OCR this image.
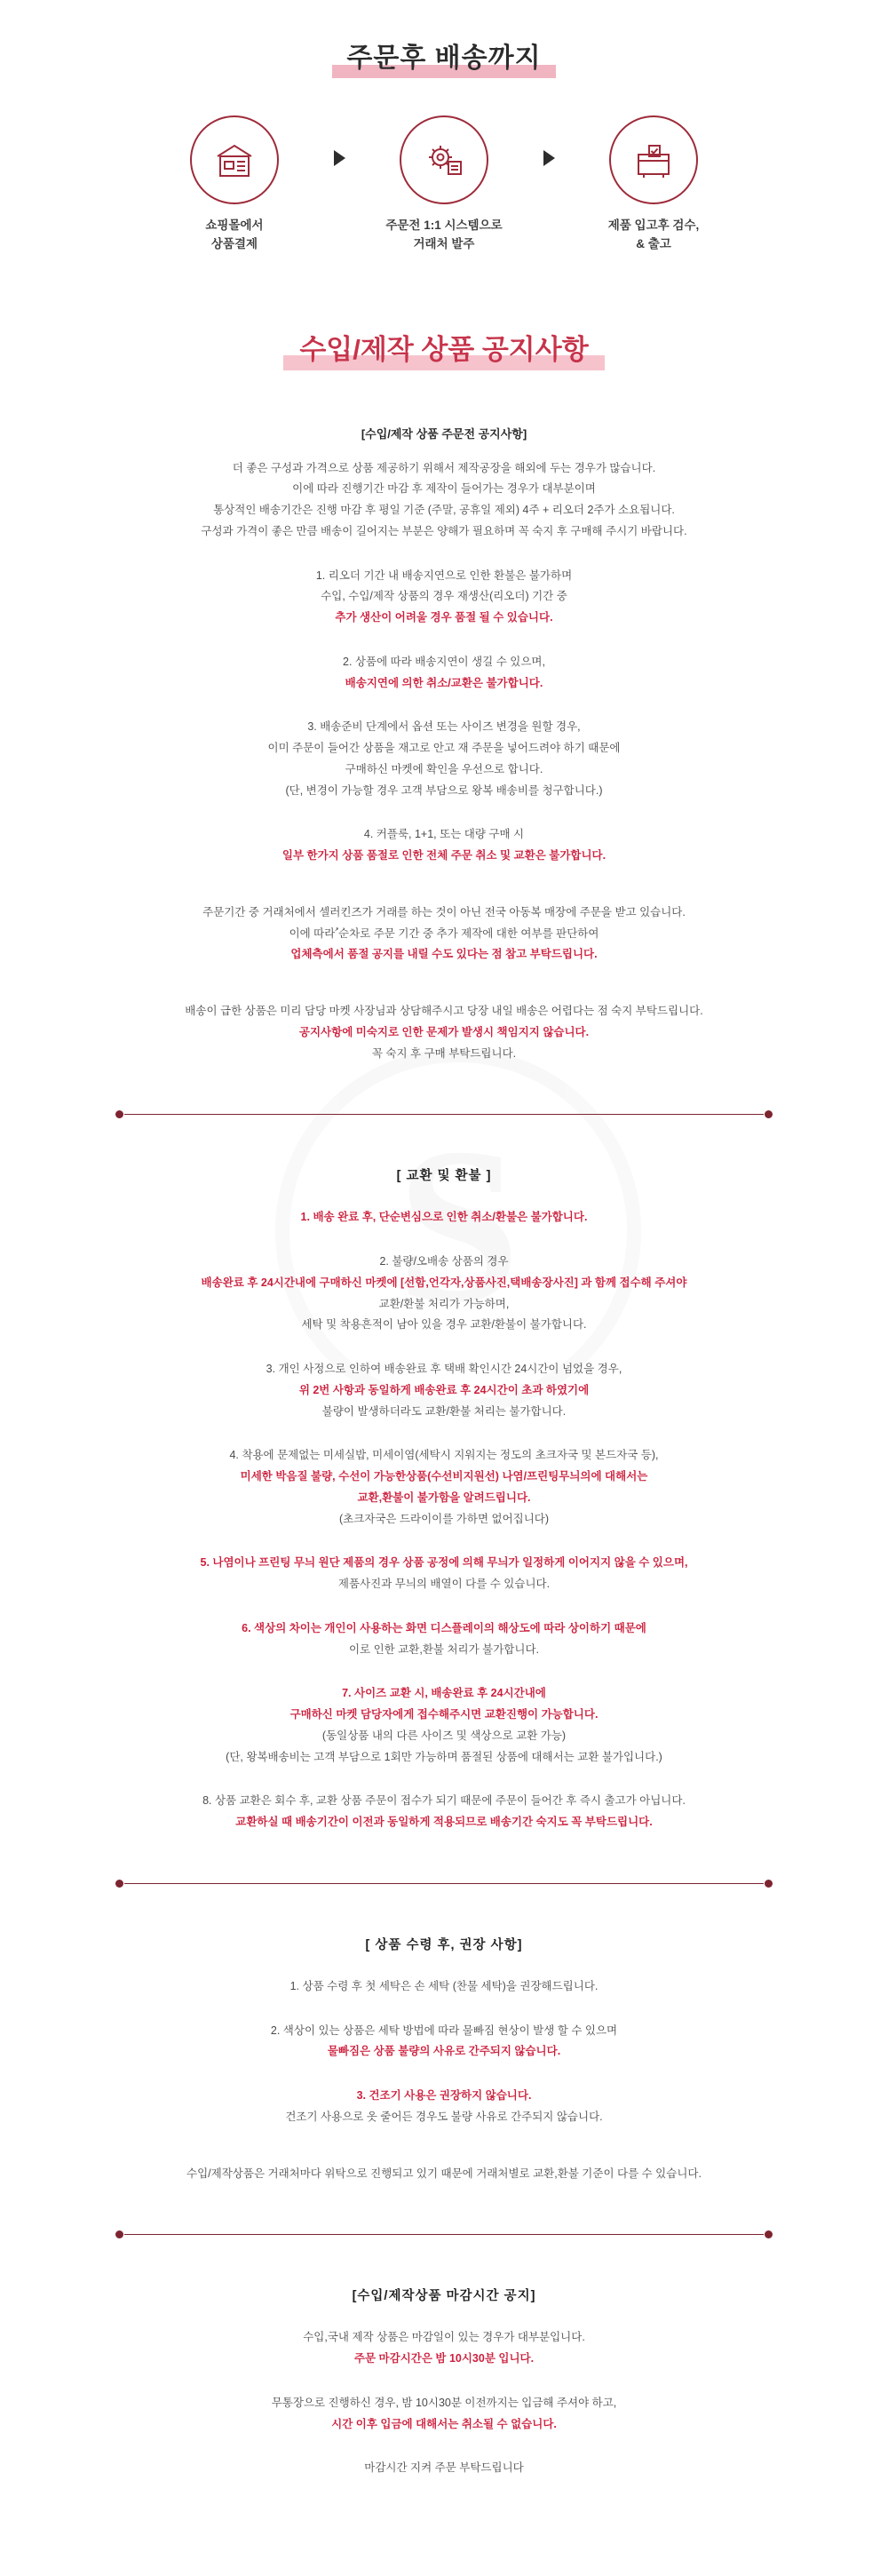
S
주문후 배송까지
쇼핑몰에서
상품결제
주문전 1:1 시스템으로
거래처 발주
제품 입고후 검수,
& 출고
수입/제작 상품 공지사항
[수입/제작 상품 주문전 공지사항]
더 좋은 구성과 가격으로 상품 제공하기 위해서 제작공장을 해외에 두는 경우가 많습니다.
이에 따라 진행기간 마감 후 제작이 들어가는 경우가 대부분이며
통상적인 배송기간은 진행 마감 후 평일 기준 (주말, 공휴일 제외) 4주 + 리오더 2주가 소요됩니다.
구성과 가격이 좋은 만큼 배송이 길어지는 부분은 양해가 필요하며 꼭 숙지 후 구매해 주시기 바랍니다.
1. 리오더 기간 내 배송지연으로 인한 환불은 불가하며
수입, 수입/제작 상품의 경우 재생산(리오더) 기간 중
추가 생산이 어려울 경우 품절 될 수 있습니다.
2. 상품에 따라 배송지연이 생길 수 있으며,
배송지연에 의한 취소/교환은 불가합니다.
3. 배송준비 단계에서 옵션 또는 사이즈 변경을 원할 경우,
이미 주문이 들어간 상품을 재고로 안고 재 주문을 넣어드려야 하기 때문에
구매하신 마켓에 확인을 우선으로 합니다.
(단, 변경이 가능할 경우 고객 부담으로 왕복 배송비를 청구합니다.)
4. 커플룩, 1+1, 또는 대량 구매 시
일부 한가지 상품 품절로 인한 전체 주문 취소 및 교환은 불가합니다.
주문기간 중 거래처에서 셀러킨즈가 거래를 하는 것이 아닌 전국 아동복 매장에 주문을 받고 있습니다.
이에 따라 ُ순차로 주문 기간 중 추가 제작에 대한 여부를 판단하여
업체측에서 품절 공지를 내릴 수도 있다는 점 참고 부탁드립니다.
배송이 급한 상품은 미리 담당 마켓 사장님과 상담해주시고 당장 내일 배송은 어렵다는 점 숙지 부탁드립니다.
공지사항에 미숙지로 인한 문제가 발생시 책임지지 않습니다.
꼭 숙지 후 구매 부탁드립니다.
[ 교환 및 환불 ]
1. 배송 완료 후, 단순변심으로 인한 취소/환불은 불가합니다.
2. 불량/오배송 상품의 경우
배송완료 후 24시간내에 구매하신 마켓에 [선함,언각자,상품사진,택배송장사진] 과 함께 접수해 주셔야
교환/환불 처리가 가능하며,
세탁 및 착용흔적이 남아 있을 경우 교환/환불이 불가합니다.
3. 개인 사정으로 인하여 배송완료 후 택배 확인시간 24시간이 넘었을 경우,
위 2번 사항과 동일하게 배송완료 후 24시간이 초과 하였기에
불량이 발생하더라도 교환/환불 처리는 불가합니다.
4. 착용에 문제없는 미세실밥, 미세이염(세탁시 지워지는 정도의 초크자국 및 본드자국 등),
미세한 박음질 불량, 수선이 가능한상품(수선비지원선) 나염/프린팅무늬의에 대해서는
교환,환불이 불가함을 알려드립니다.
(초크자국은 드라이이를 가하면 없어집니다)
5. 나염이나 프린팅 무늬 원단 제품의 경우 상품 공정에 의해 무늬가 일정하게 이어지지 않을 수 있으며,
제품사진과 무늬의 배열이 다를 수 있습니다.
6. 색상의 차이는 개인이 사용하는 화면 디스플레이의 해상도에 따라 상이하기 때문에
이로 인한 교환,환불 처리가 불가합니다.
7. 사이즈 교환 시, 배송완료 후 24시간내에
구매하신 마켓 담당자에게 접수해주시면 교환진행이 가능합니다.
(동일상품 내의 다른 사이즈 및 색상으로 교환 가능)
(단, 왕복배송비는 고객 부담으로 1회만 가능하며 품절된 상품에 대해서는 교환 불가입니다.)
8. 상품 교환은 회수 후, 교환 상품 주문이 접수가 되기 때문에 주문이 들어간 후 즉시 출고가 아닙니다.
교환하실 때 배송기간이 이전과 동일하게 적용되므로 배송기간 숙지도 꼭 부탁드립니다.
[ 상품 수령 후, 권장 사항]
1. 상품 수령 후 첫 세탁은 손 세탁 (찬물 세탁)을 권장해드립니다.
2. 색상이 있는 상품은 세탁 방법에 따라 물빠짐 현상이 발생 할 수 있으며
물빠짐은 상품 불량의 사유로 간주되지 않습니다.
3. 건조기 사용은 권장하지 않습니다.
건조기 사용으로 옷 줄어든 경우도 불량 사유로 간주되지 않습니다.
수입/제작상품은 거래처마다 위탁으로 진행되고 있기 때문에 거래처별로 교환,환불 기준이 다를 수 있습니다.
[수입/제작상품 마감시간 공지]
수입,국내 제작 상품은 마감일이 있는 경우가 대부분입니다.
주문 마감시간은 밤 10시30분 입니다.
무통장으로 진행하신 경우, 밤 10시30분 이전까지는 입금해 주셔야 하고,
시간 이후 입금에 대해서는 취소될 수 없습니다.
마감시간 지켜 주문 부탁드립니다
